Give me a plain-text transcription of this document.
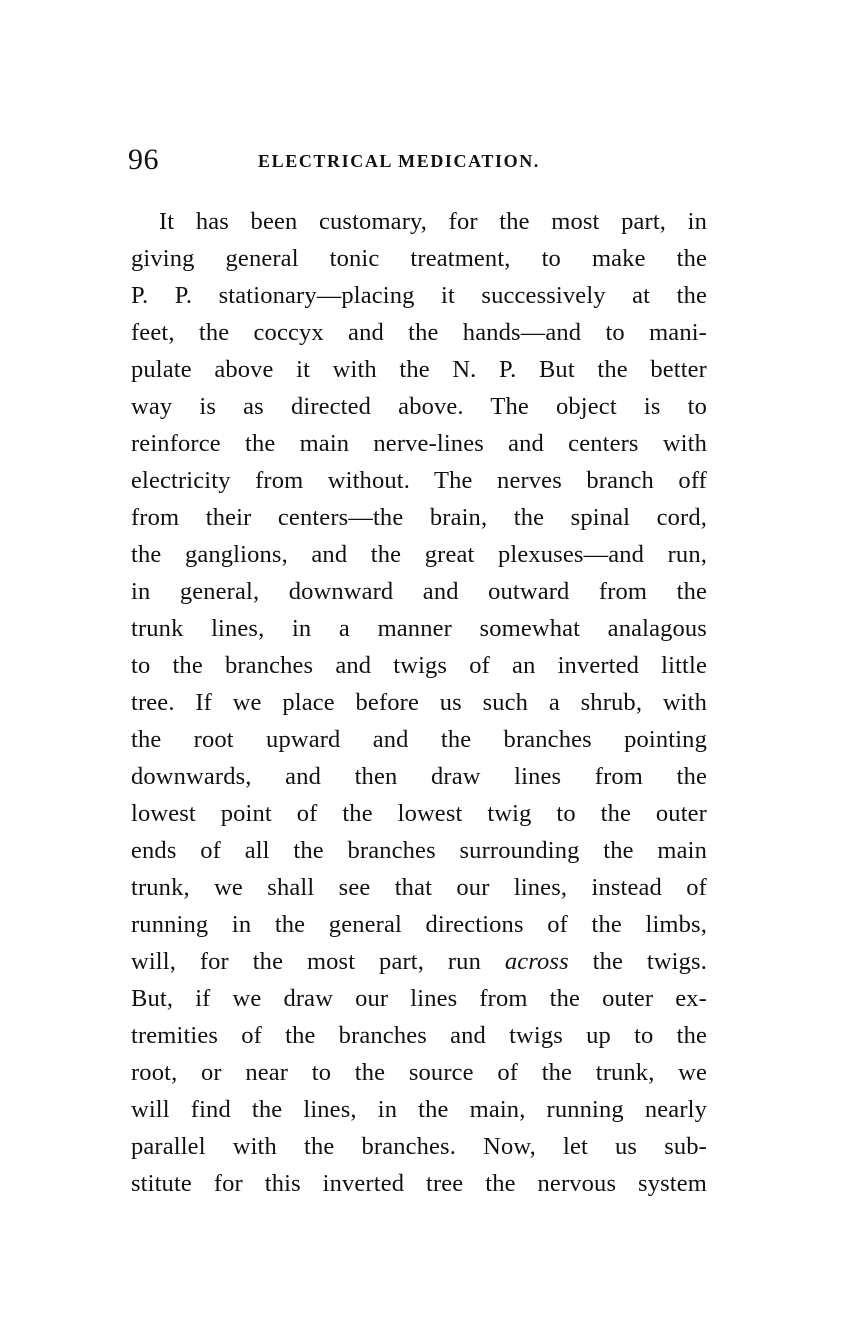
96	ELECTRICAL MEDICATION.
It has been customary, for the most part, in
giving general tonic treatment, to make the
P. P. stationary—placing it successively at the
feet, the coccyx and the hands—and to mani-
pulate above it with the N. P. But the better
way is as directed above. The object is to
reinforce the main nerve-lines and centers with
electricity from without. The nerves branch off
from their centers—the brain, the spinal cord,
the ganglions, and the great plexuses—and run,
in general, downward and outward from the
trunk lines, in a manner somewhat analagous
to the branches and twigs of an inverted little
tree. If we place before us such a shrub, with
the root upward and the branches pointing
downwards, and then draw lines from the
lowest point of the lowest twig to the outer
ends of all the branches surrounding the main
trunk, we shall see that our lines, instead of
running in the general directions of the limbs,
will, for the most part, run across the twigs.
But, if we draw our lines from the outer ex-
tremities of the branches and twigs up to the
root, or near to the source of the trunk, we
will find the lines, in the main, running nearly
parallel with the branches. Now, let us sub-
stitute for this inverted tree the nervous system
